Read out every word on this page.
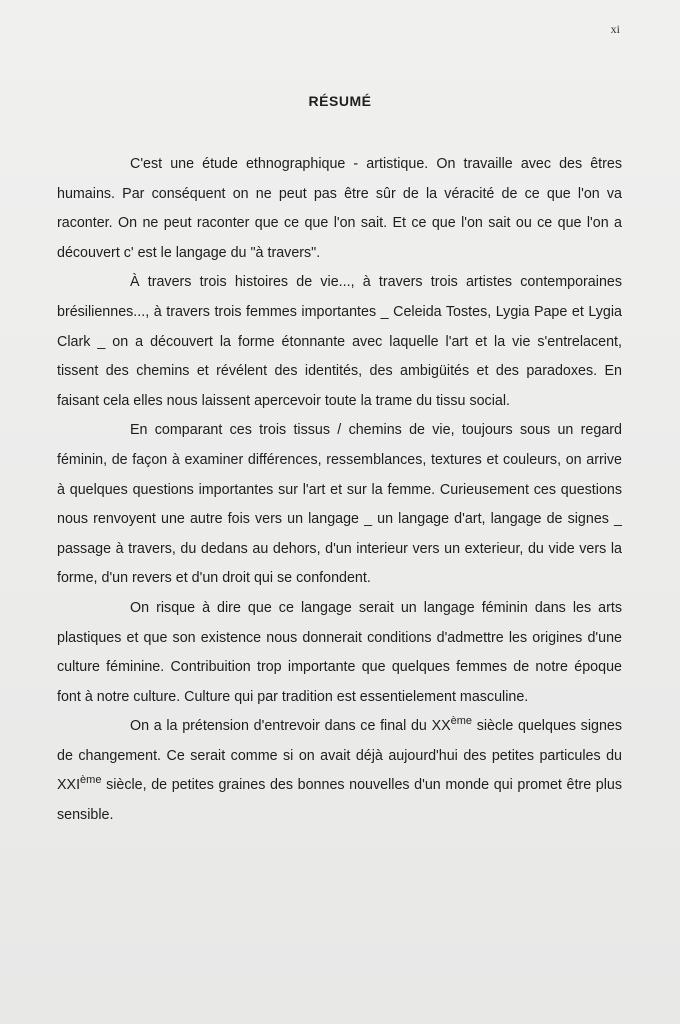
xi
RÉSUMÉ

C'est une étude ethnographique - artistique. On travaille avec des êtres humains. Par conséquent on ne peut pas être sûr de la véracité de ce que l'on va raconter. On ne peut raconter que ce que l'on sait. Et ce que l'on sait ou ce que l'on a découvert c' est le langage du "à travers".

À travers trois histoires de vie..., à travers trois artistes contemporaines brésiliennes..., à travers trois femmes importantes _ Celeida Tostes, Lygia Pape et Lygia Clark _ on a découvert la forme étonnante avec laquelle l'art et la vie s'entrelacent, tissent des chemins et révélent des identités, des ambigüités et des paradoxes. En faisant cela elles nous laissent apercevoir toute la trame du tissu social.

En comparant ces trois tissus / chemins de vie, toujours sous un regard féminin, de façon à examiner différences, ressemblances, textures et couleurs, on arrive à quelques questions importantes sur l'art et sur la femme. Curieusement ces questions nous renvoyent une autre fois vers un langage _ un langage d'art, langage de signes _ passage à travers, du dedans au dehors, d'un interieur vers un exterieur, du vide vers la forme, d'un revers et d'un droit qui se confondent.

On risque à dire que ce langage serait un langage féminin dans les arts plastiques et que son existence nous donnerait conditions d'admettre les origines d'une culture féminine. Contribuition trop importante que quelques femmes de notre époque font à notre culture. Culture qui par tradition est essentielement masculine.

On a la prétension d'entrevoir dans ce final du XXème siècle quelques signes de changement. Ce serait comme si on avait déjà aujourd'hui des petites particules du XXIème siècle, de petites graines des bonnes nouvelles d'un monde qui promet être plus sensible.
